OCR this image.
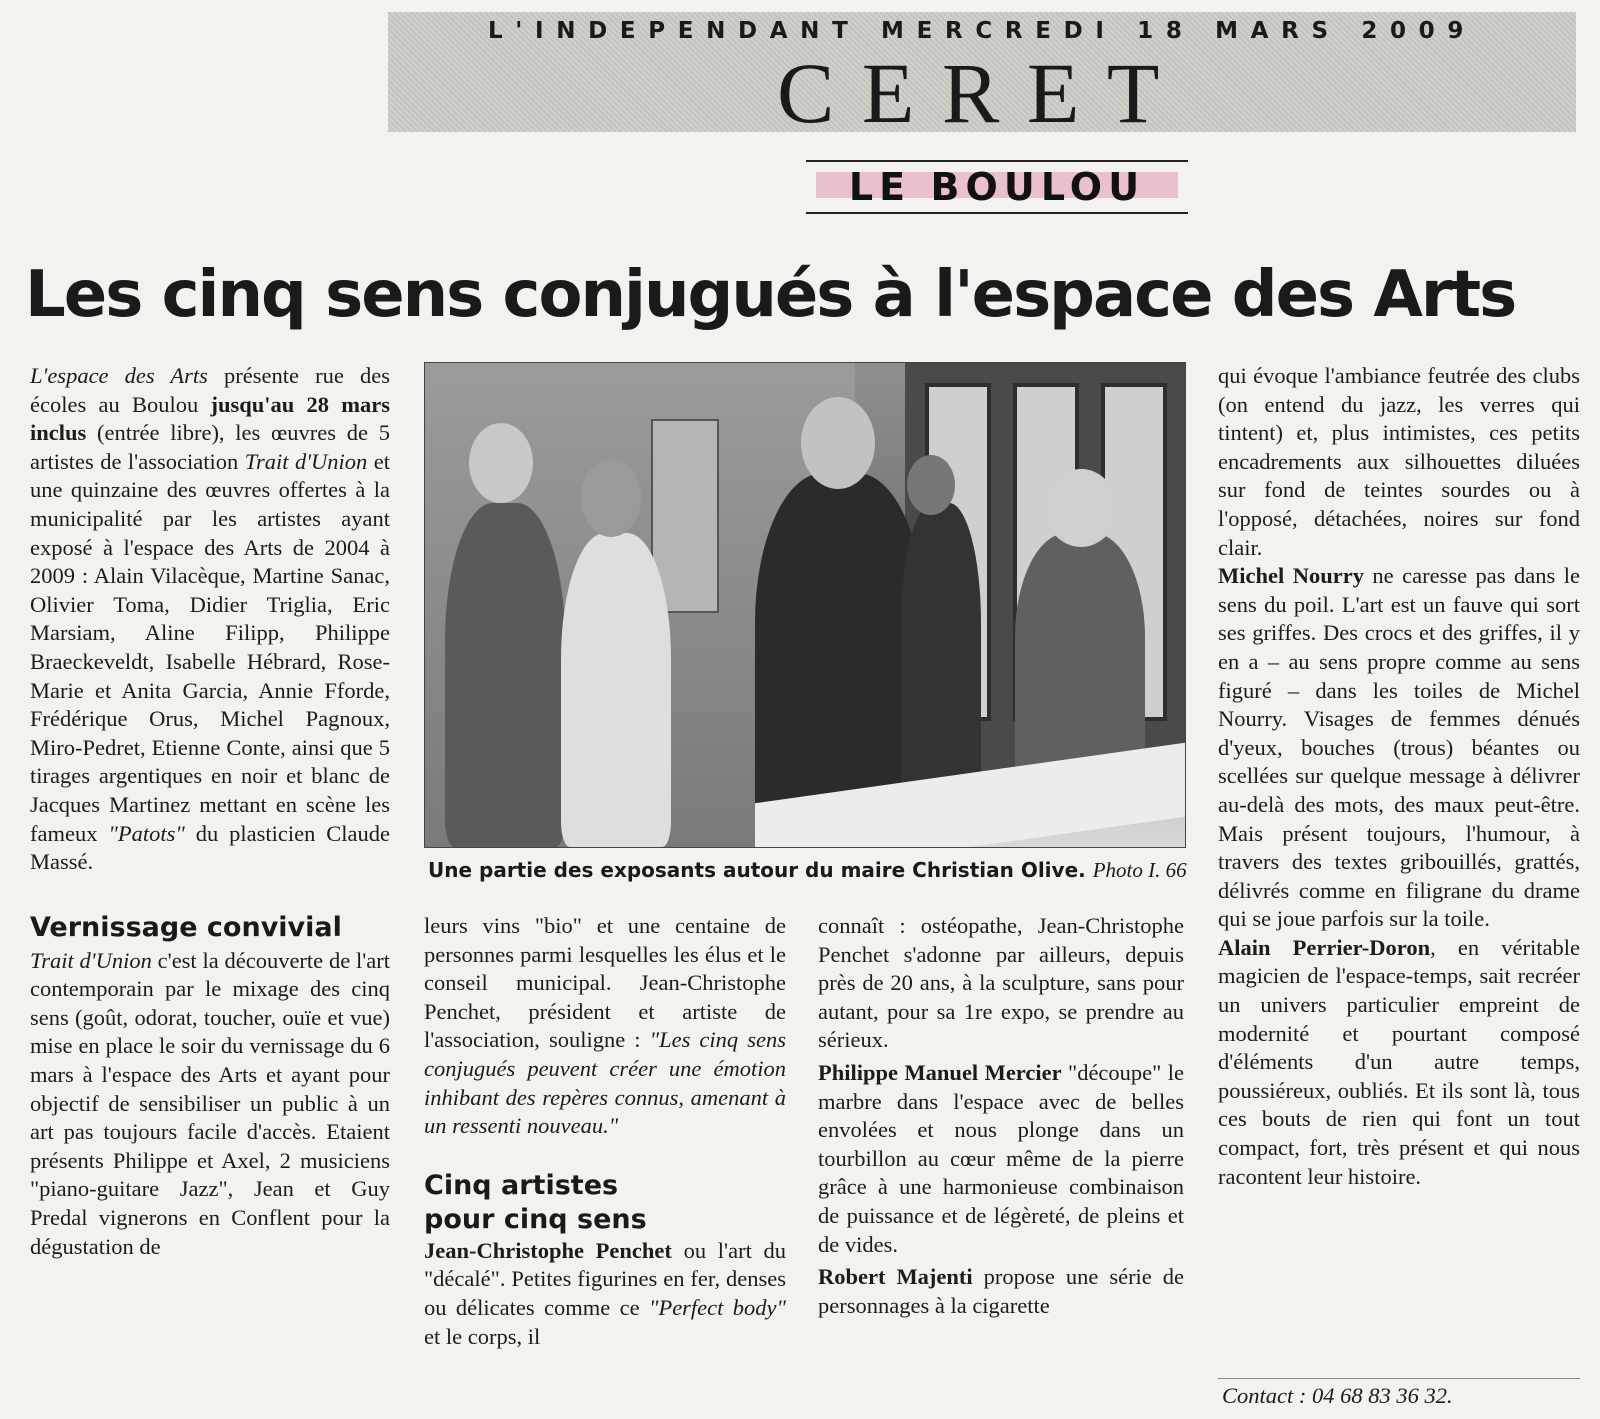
L'INDEPENDANT MERCREDI 18 MARS 2009
CERET
LE BOULOU
Les cinq sens conjugués à l'espace des Arts

L'espace des Arts présente rue des écoles au Boulou jusqu'au 28 mars inclus (entrée libre), les œuvres de 5 artistes de l'association Trait d'Union et une quinzaine des œuvres offertes à la municipalité par les artistes ayant exposé à l'espace des Arts de 2004 à 2009 : Alain Vilacèque, Martine Sanac, Olivier Toma, Didier Triglia, Eric Marsiam, Aline Filipp, Philippe Braeckeveldt, Isabelle Hébrard, Rose-Marie et Anita Garcia, Annie Fforde, Frédérique Orus, Michel Pagnoux, Miro-Pedret, Etienne Conte, ainsi que 5 tirages argentiques en noir et blanc de Jacques Martinez mettant en scène les fameux "Patots" du plasticien Claude Massé.

Vernissage convivial

Trait d'Union c'est la découverte de l'art contemporain par le mixage des cinq sens (goût, odorat, toucher, ouïe et vue) mise en place le soir du vernissage du 6 mars à l'espace des Arts et ayant pour objectif de sensibiliser un public à un art pas toujours facile d'accès. Etaient présents Philippe et Axel, 2 musiciens "piano-guitare Jazz", Jean et Guy Predal vignerons en Conflent pour la dégustation de

Une partie des exposants autour du maire Christian Olive. Photo I. 66

leurs vins "bio" et une centaine de personnes parmi lesquelles les élus et le conseil municipal. Jean-Christophe Penchet, président et artiste de l'association, souligne : "Les cinq sens conjugués peuvent créer une émotion inhibant des repères connus, amenant à un ressenti nouveau."

Cinq artistes
pour cinq sens

Jean-Christophe Penchet ou l'art du "décalé". Petites figurines en fer, denses ou délicates comme ce "Perfect body" et le corps, il

connaît : ostéopathe, Jean-Christophe Penchet s'adonne par ailleurs, depuis près de 20 ans, à la sculpture, sans pour autant, pour sa 1re expo, se prendre au sérieux.

Philippe Manuel Mercier "découpe" le marbre dans l'espace avec de belles envolées et nous plonge dans un tourbillon au cœur même de la pierre grâce à une harmonieuse combinaison de puissance et de légèreté, de pleins et de vides.

Robert Majenti propose une série de personnages à la cigarette

qui évoque l'ambiance feutrée des clubs (on entend du jazz, les verres qui tintent) et, plus intimistes, ces petits encadrements aux silhouettes diluées sur fond de teintes sourdes ou à l'opposé, détachées, noires sur fond clair.

Michel Nourry ne caresse pas dans le sens du poil. L'art est un fauve qui sort ses griffes. Des crocs et des griffes, il y en a – au sens propre comme au sens figuré – dans les toiles de Michel Nourry. Visages de femmes dénués d'yeux, bouches (trous) béantes ou scellées sur quelque message à délivrer au-delà des mots, des maux peut-être. Mais présent toujours, l'humour, à travers des textes gribouillés, grattés, délivrés comme en filigrane du drame qui se joue parfois sur la toile.

Alain Perrier-Doron, en véritable magicien de l'espace-temps, sait recréer un univers particulier empreint de modernité et pourtant composé d'éléments d'un autre temps, poussiéreux, oubliés. Et ils sont là, tous ces bouts de rien qui font un tout compact, fort, très présent et qui nous racontent leur histoire.

Contact : 04 68 83 36 32.
